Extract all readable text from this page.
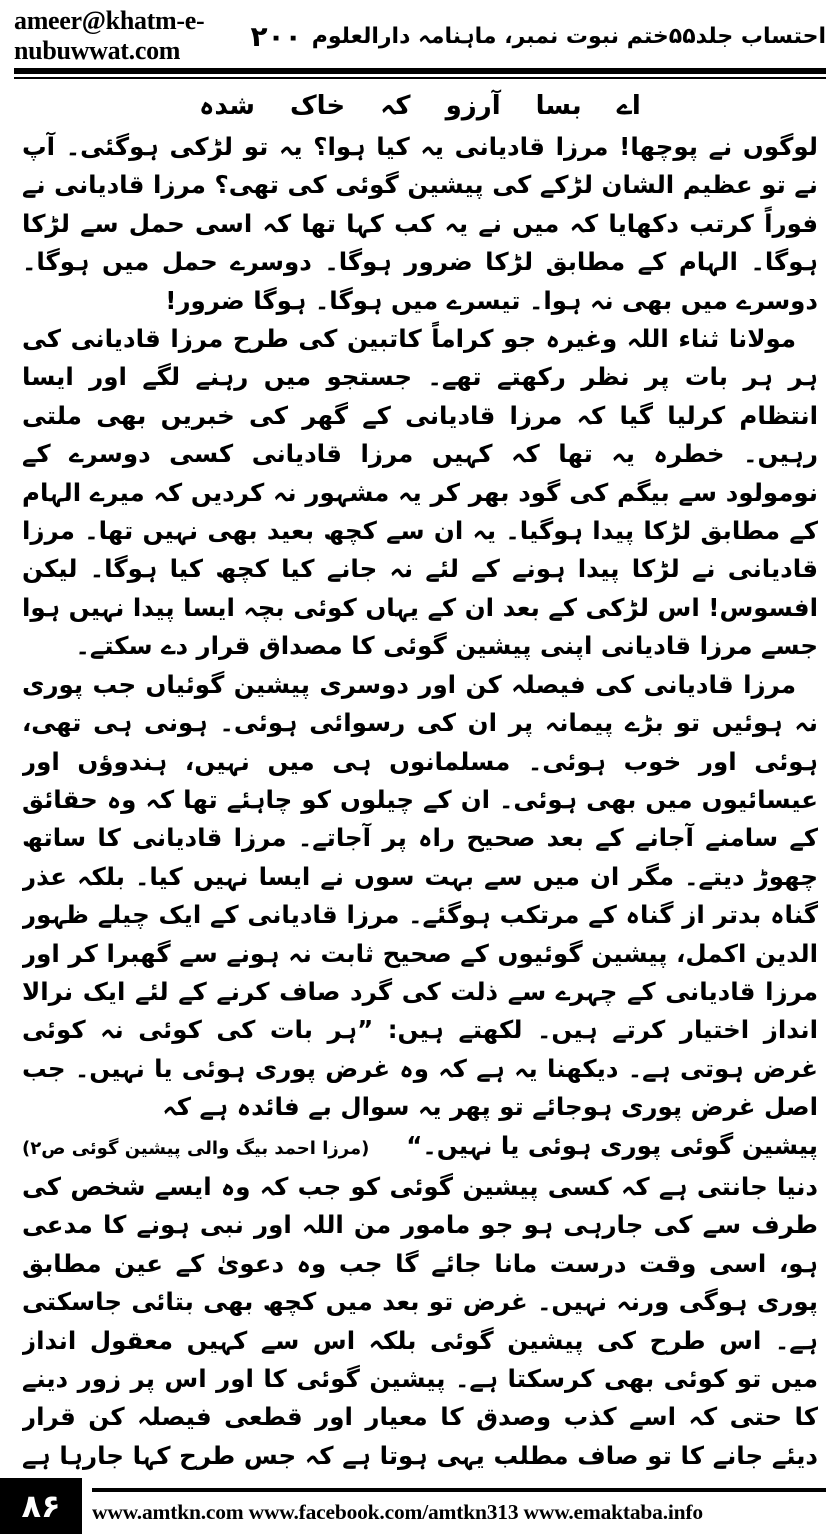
ameer@khatm-e-nubuwwat.com	۲۰۰ احتساب جلد۵۵ختم نبوت نمبر، ماہنامہ دارالعلوم

اے بسا آرزو کہ خاک شدہ

لوگوں نے پوچھا! مرزا قادیانی یہ کیا ہوا؟ یہ تو لڑکی ہوگئی۔ آپ نے تو عظیم الشان لڑکے کی پیشین گوئی کی تھی؟ مرزا قادیانی نے فوراً کرتب دکھایا کہ میں نے یہ کب کہا تھا کہ اسی حمل سے لڑکا ہوگا۔ الہام کے مطابق لڑکا ضرور ہوگا۔ دوسرے حمل میں ہوگا۔ دوسرے میں بھی نہ ہوا۔ تیسرے میں ہوگا۔ ہوگا ضرور!

مولانا ثناء اللہ وغیرہ جو کراماً کاتبین کی طرح مرزا قادیانی کی ہر ہر بات پر نظر رکھتے تھے۔ جستجو میں رہنے لگے اور ایسا انتظام کرلیا گیا کہ مرزا قادیانی کے گھر کی خبریں بھی ملتی رہیں۔ خطرہ یہ تھا کہ کہیں مرزا قادیانی کسی دوسرے کے نومولود سے بیگم کی گود بھر کر یہ مشہور نہ کردیں کہ میرے الہام کے مطابق لڑکا پیدا ہوگیا۔ یہ ان سے کچھ بعید بھی نہیں تھا۔ مرزا قادیانی نے لڑکا پیدا ہونے کے لئے نہ جانے کیا کچھ کیا ہوگا۔ لیکن افسوس! اس لڑکی کے بعد ان کے یہاں کوئی بچہ ایسا پیدا نہیں ہوا جسے مرزا قادیانی اپنی پیشین گوئی کا مصداق قرار دے سکتے۔

مرزا قادیانی کی فیصلہ کن اور دوسری پیشین گوئیاں جب پوری نہ ہوئیں تو بڑے پیمانہ پر ان کی رسوائی ہوئی۔ ہونی ہی تھی، ہوئی اور خوب ہوئی۔ مسلمانوں ہی میں نہیں، ہندوؤں اور عیسائیوں میں بھی ہوئی۔ ان کے چیلوں کو چاہئے تھا کہ وہ حقائق کے سامنے آجانے کے بعد صحیح راہ پر آجاتے۔ مرزا قادیانی کا ساتھ چھوڑ دیتے۔ مگر ان میں سے بہت سوں نے ایسا نہیں کیا۔ بلکہ عذر گناہ بدتر از گناہ کے مرتکب ہوگئے۔ مرزا قادیانی کے ایک چیلے ظہور الدین اکمل، پیشین گوئیوں کے صحیح ثابت نہ ہونے سے گھبرا کر اور مرزا قادیانی کے چہرے سے ذلت کی گرد صاف کرنے کے لئے ایک نرالا انداز اختیار کرتے ہیں۔ لکھتے ہیں: ”ہر بات کی کوئی نہ کوئی غرض ہوتی ہے۔ دیکھنا یہ ہے کہ وہ غرض پوری ہوئی یا نہیں۔ جب اصل غرض پوری ہوجائے تو پھر یہ سوال بے فائدہ ہے کہ

پیشین گوئی پوری ہوئی یا نہیں۔“
(مرزا احمد بیگ والی پیشین گوئی ص۲)

دنیا جانتی ہے کہ کسی پیشین گوئی کو جب کہ وہ ایسے شخص کی طرف سے کی جارہی ہو جو مامور من اللہ اور نبی ہونے کا مدعی ہو، اسی وقت درست مانا جائے گا جب وہ دعویٰ کے عین مطابق پوری ہوگی ورنہ نہیں۔ غرض تو بعد میں کچھ بھی بتائی جاسکتی ہے۔ اس طرح کی پیشین گوئی بلکہ اس سے کہیں معقول انداز میں تو کوئی بھی کرسکتا ہے۔ پیشین گوئی کا اور اس پر زور دینے کا حتی کہ اسے کذب وصدق کا معیار اور قطعی فیصلہ کن قرار دیئے جانے کا تو صاف مطلب یہی ہوتا ہے کہ جس طرح کہا جارہا ہے

۸۶ www.amtkn.com www.facebook.com/amtkn313 www.emaktaba.info
